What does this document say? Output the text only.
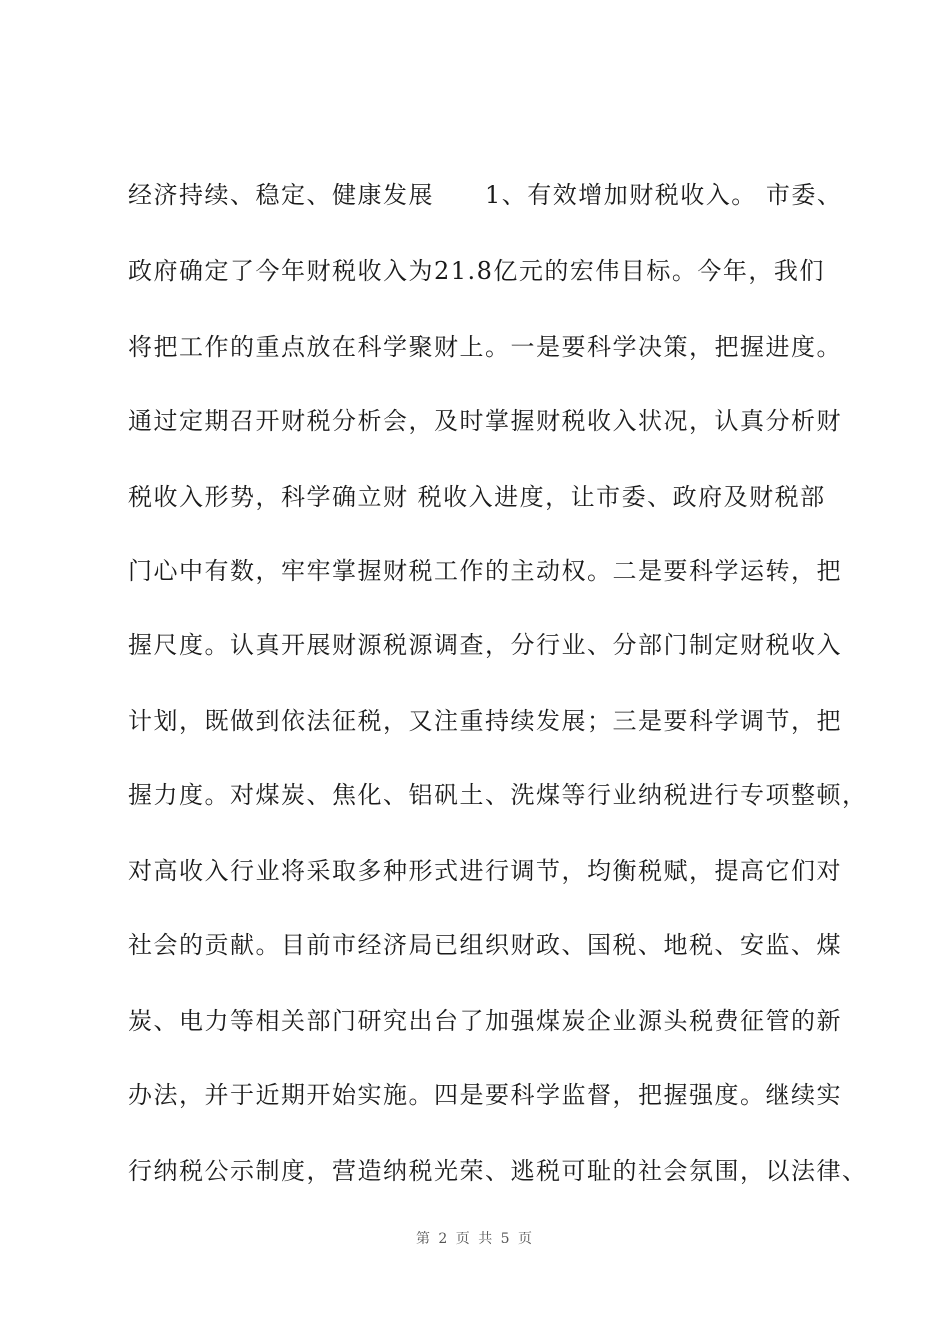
经济持续、稳定、健康发展　　1、有效增加财税收入。 市委、
政府确定了今年财税收入为21.8亿元的宏伟目标。今年，我们
将把工作的重点放在科学聚财上。一是要科学决策，把握进度。
通过定期召开财税分析会，及时掌握财税收入状况，认真分析财
税收入形势，科学确立财 税收入进度，让市委、政府及财税部
门心中有数，牢牢掌握财税工作的主动权。二是要科学运转，把
握尺度。认真开展财源税源调查，分行业、分部门制定财税收入
计划，既做到依法征税，又注重持续发展；三是要科学调节，把
握力度。对煤炭、焦化、铝矾土、洗煤等行业纳税进行专项整顿，
对高收入行业将采取多种形式进行调节，均衡税赋，提高它们对
社会的贡献。目前市经济局已组织财政、国税、地税、安监、煤
炭、电力等相关部门研究出台了加强煤炭企业源头税费征管的新
办法，并于近期开始实施。四是要科学监督，把握强度。继续实
行纳税公示制度，营造纳税光荣、逃税可耻的社会氛围，以法律、
第 2 页 共 5 页
